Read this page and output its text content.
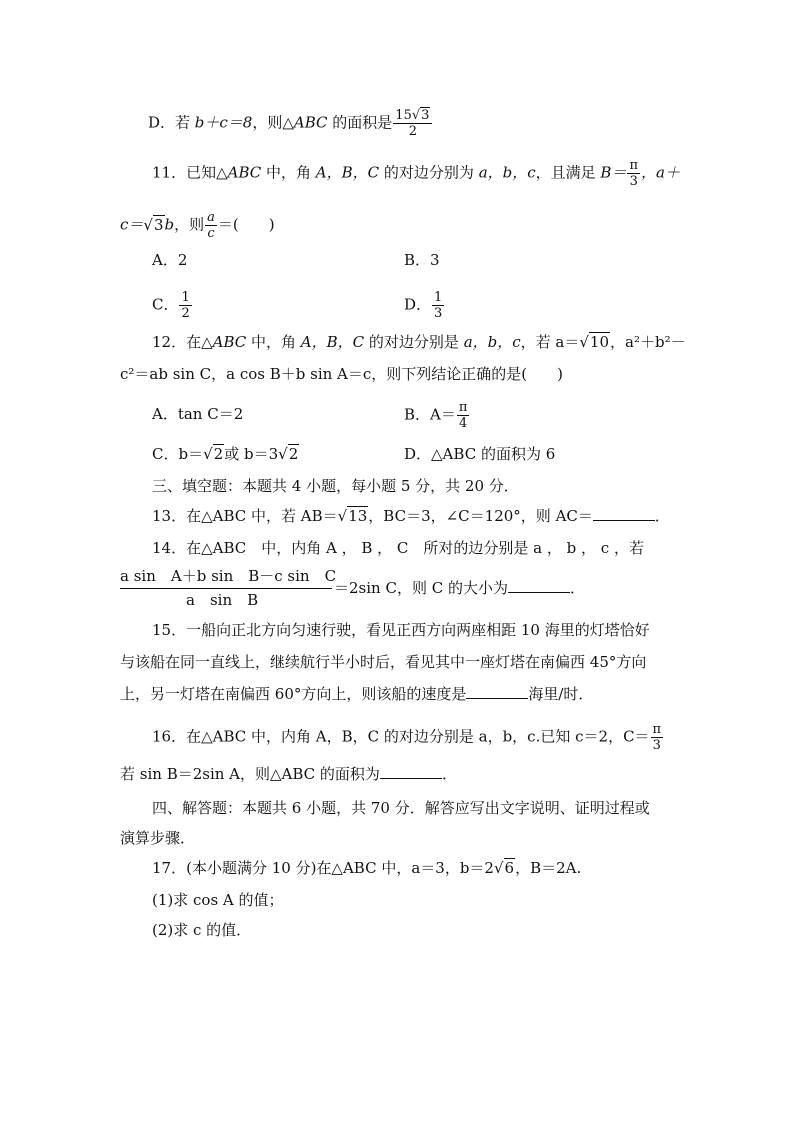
D．若 b＋c＝8，则△ABC 的面积是 $\frac{15√3}{2}$
11．已知△ABC 中，角 A，B，C 的对边分别为 a，b，c，且满足 $B= \frac{\pi}{3}$ ，a＋
c＝√3b，则 $\frac{a}{c}$ ＝(　　)
A．2	B．3
C． $\frac{1}{2}$	D． $\frac{1}{3}$
12．在△ABC 中，角 A，B，C 的对边分别是 a，b，c，若 a＝√10，a²＋b²－
c²＝ab sin C，a cos B＋b sin A＝c，则下列结论正确的是(　　)
A．tan C＝2	B．$A= \frac{\pi}{4}$
C．b＝√2或 b＝3√2	D．△ABC 的面积为 6
三、填空题：本题共 4 小题，每小题 5 分，共 20 分．
13．在△ABC 中，若 AB＝√13，BC＝3，∠C＝120°，则 AC＝	．
14．在△ABC　中，内角 A ， B ， C　所对的边分别是 a ， b ， c ，若
a sin　A＋b sin　B－c sin　C
a　sin　B
＝2sin C，则 C 的大小为	．
15．一船向正北方向匀速行驶，看见正西方向两座相距 10 海里的灯塔恰好
与该船在同一直线上，继续航行半小时后，看见其中一座灯塔在南偏西 45°方向
上，另一灯塔在南偏西 60°方向上，则该船的速度是	海里/时．
16．在△ABC 中，内角 A，B，C 的对边分别是 a，b，c.已知 c＝2，$C= \frac{\pi}{3}$
若 sin B＝2sin A，则△ABC 的面积为	．
四、解答题：本题共 6 小题，共 70 分．解答应写出文字说明、证明过程或
演算步骤．
17．(本小题满分 10 分)在△ABC 中，a＝3，b＝2√6，B＝2A.
(1)求 cos A 的值；
(2)求 c 的值．
